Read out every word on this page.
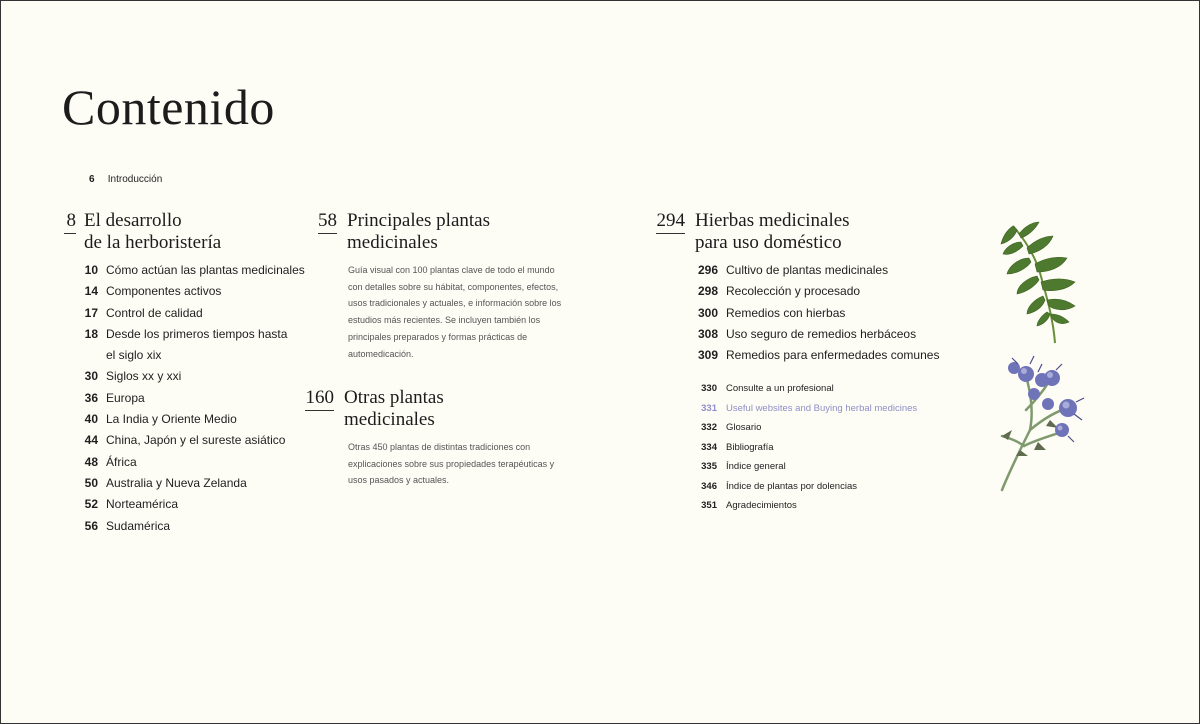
Contenido
6 Introducción
8 El desarrollo
de la herboristería
10 Cómo actúan las plantas medicinales
14 Componentes activos
17 Control de calidad
18 Desde los primeros tiempos hasta
el siglo xix
30 Siglos xx y xxi
36 Europa
40 La India y Oriente Medio
44 China, Japón y el sureste asiático
48 África
50 Australia y Nueva Zelanda
52 Norteamérica
56 Sudamérica
58 Principales plantas
medicinales
Guía visual con 100 plantas clave de todo el mundo con detalles sobre su hábitat, componentes, efectos, usos tradicionales y actuales, e información sobre los estudios más recientes. Se incluyen también los principales preparados y formas prácticas de automedicación.
160 Otras plantas
medicinales
Otras 450 plantas de distintas tradiciones con explicaciones sobre sus propiedades terapéuticas y usos pasados y actuales.
294 Hierbas medicinales
para uso doméstico
296 Cultivo de plantas medicinales
298 Recolección y procesado
300 Remedios con hierbas
308 Uso seguro de remedios herbáceos
309 Remedios para enfermedades comunes
330 Consulte a un profesional
331 Useful websites and Buying herbal medicines
332 Glosario
334 Bibliografía
335 Índice general
346 Índice de plantas por dolencias
351 Agradecimientos
